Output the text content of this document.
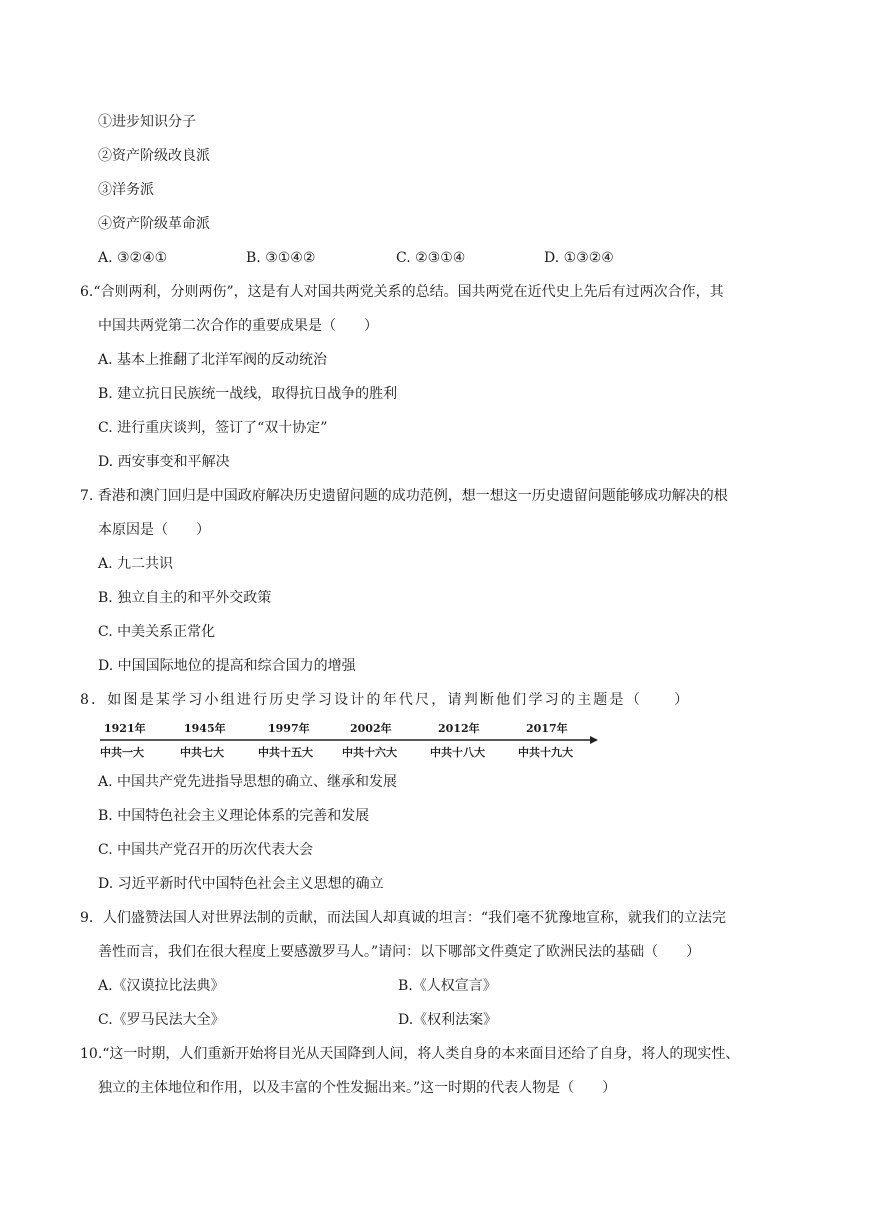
①进步知识分子
②资产阶级改良派
③洋务派
④资产阶级革命派
A. ③②④①	B. ③①④②	C. ②③①④	D. ①③②④
6.“合则两利，分则两伤”，这是有人对国共两党关系的总结。国共两党在近代史上先后有过两次合作，其
中国共两党第二次合作的重要成果是（　　）
A. 基本上推翻了北洋军阀的反动统治
B. 建立抗日民族统一战线，取得抗日战争的胜利
C. 进行重庆谈判，签订了“双十协定”
D. 西安事变和平解决
7. 香港和澳门回归是中国政府解决历史遗留问题的成功范例，想一想这一历史遗留问题能够成功解决的根
本原因是（　　）
A. 九二共识
B. 独立自主的和平外交政策
C. 中美关系正常化
D. 中国国际地位的提高和综合国力的增强
8．如图是某学习小组进行历史学习设计的年代尺，请判断他们学习的主题是（　　）
1921年	1945年	1997年	2002年	2012年	2017年
中共一大	中共七大	中共十五大	中共十六大	中共十八大	中共十九大
A. 中国共产党先进指导思想的确立、继承和发展
B. 中国特色社会主义理论体系的完善和发展
C. 中国共产党召开的历次代表大会
D. 习近平新时代中国特色社会主义思想的确立
9．人们盛赞法国人对世界法制的贡献，而法国人却真诚的坦言：“我们毫不犹豫地宣称，就我们的立法完
善性而言，我们在很大程度上要感激罗马人。”请问：以下哪部文件奠定了欧洲民法的基础（　　）
A.《汉谟拉比法典》	B.《人权宣言》
C.《罗马民法大全》	D.《权利法案》
10.“这一时期，人们重新开始将目光从天国降到人间，将人类自身的本来面目还给了自身，将人的现实性、
独立的主体地位和作用，以及丰富的个性发掘出来。”这一时期的代表人物是（　　）
